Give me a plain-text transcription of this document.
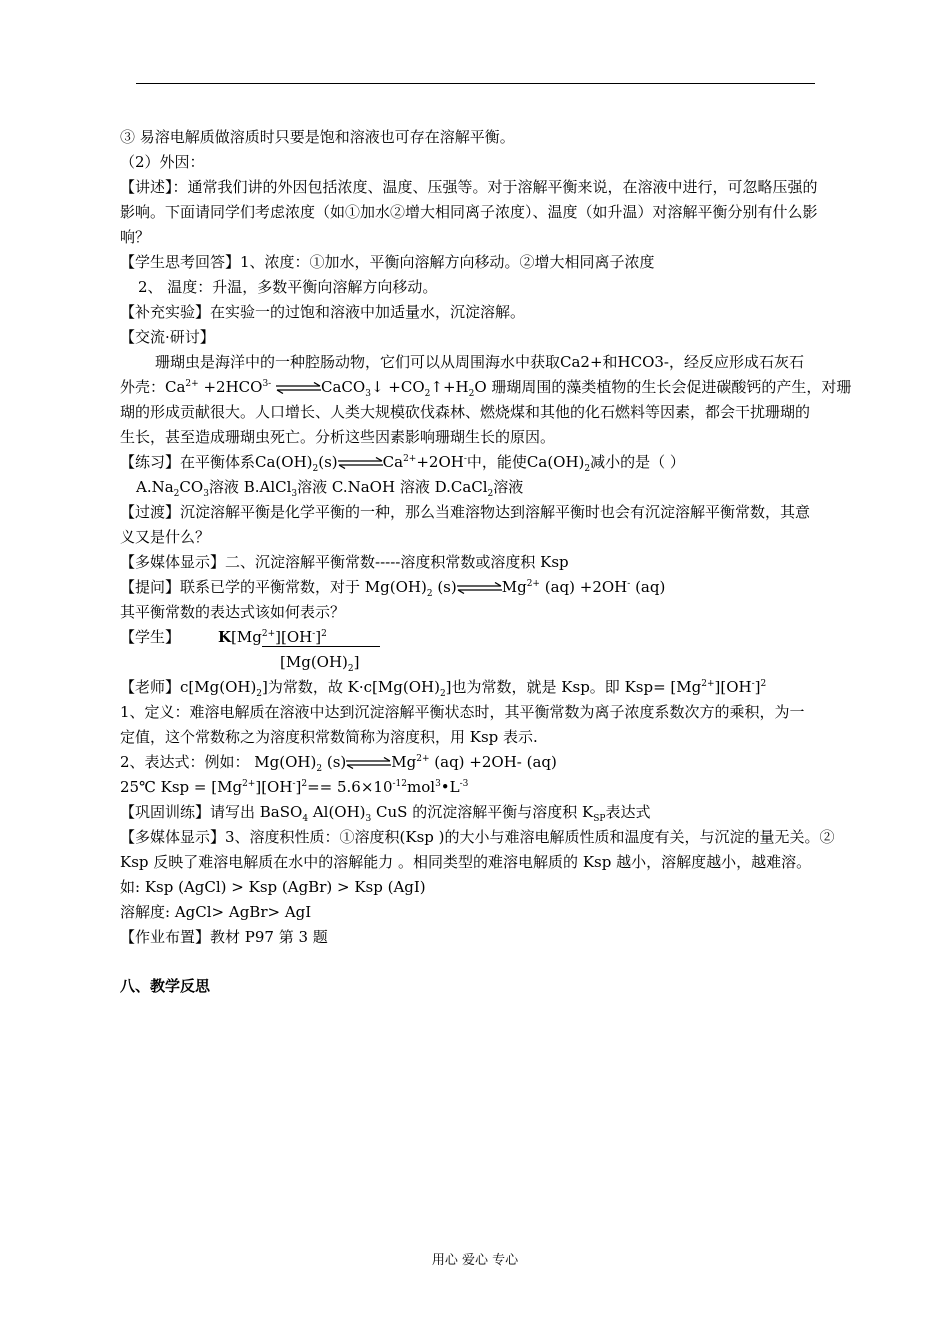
③ 易溶电解质做溶质时只要是饱和溶液也可存在溶解平衡。
（2）外因：
【讲述】：通常我们讲的外因包括浓度、温度、压强等。对于溶解平衡来说，在溶液中进行，可忽略压强的
影响。下面请同学们考虑浓度（如①加水②增大相同离子浓度）、温度（如升温）对溶解平衡分别有什么影
响？
【学生思考回答】1、浓度：①加水，平衡向溶解方向移动。②增大相同离子浓度
2、 温度：升温，多数平衡向溶解方向移动。
【补充实验】在实验一的过饱和溶液中加适量水，沉淀溶解。
【交流·研讨】
珊瑚虫是海洋中的一种腔肠动物，它们可以从周围海水中获取Ca2+和HCO3-，经反应形成石灰石
外壳：$Ca^{2+} +2HCO^{3-}$ ⇌CaCO$_3$↓ $+CO_2↑+H_2O$ 珊瑚周围的藻类植物的生长会促进碳酸钙的产生，对珊
瑚的形成贡献很大。人口增长、人类大规模砍伐森林、燃烧煤和其他的化石燃料等因素，都会干扰珊瑚的
生长，甚至造成珊瑚虫死亡。分析这些因素影响珊瑚生长的原因。
【练习】在平衡体系$Ca(OH)_2(s)\rightleftharpoons Ca^{2+}+2OH^-$中，能使$Ca(OH)_2$减小的是（ ）
$A.Na_2CO_3$溶液 B.AlCl$_3$溶液 C.NaOH 溶液 D.CaCl$_2$溶液
【过渡】沉淀溶解平衡是化学平衡的一种，那么当难溶物达到溶解平衡时也会有沉淀溶解平衡常数，其意
义又是什么？
【多媒体显示】二、沉淀溶解平衡常数-----溶度积常数或溶度积 Ksp
【提问】联系已学的平衡常数，对于 $Mg(OH)_2$ $(s)\rightleftharpoons Mg^{2+}$ (aq) +2OH- (aq)
其平衡常数的表达式该如何表示？
【学生】	$K[Mg^{2+}][OH^-]^2$
$[Mg(OH)_2]$
【老师】$c[Mg(OH)_2]$为常数，故 $K\cdot c[Mg(OH)_2]$也为常数，就是 Ksp。即 $Ksp= [Mg^{2+}][OH^-]^2$
1、定义：难溶电解质在溶液中达到沉淀溶解平衡状态时，其平衡常数为离子浓度系数次方的乘积，为一
定值，这个常数称之为溶度积常数简称为溶度积，用 Ksp 表示.
2、表达式：例如： $Mg(OH)_2$ $(s)\rightleftharpoons Mg^{2+}$ (aq) +2OH- (aq)
25℃ Ksp = $[Mg^{2+}][OH^-]^2==$ $5.6\times 10^{-12}mol^3•L^{-3}$
【巩固训练】请写出 BaSO$_4$ $Al(OH)_3$ CuS 的沉淀溶解平衡与溶度积 $K_{SP}$表达式
【多媒体显示】3、溶度积性质：①溶度积(Ksp )的大小与难溶电解质性质和温度有关，与沉淀的量无关。②
Ksp 反映了难溶电解质在水中的溶解能力 。相同类型的难溶电解质的 Ksp 越小，溶解度越小，越难溶。
如: Ksp (AgCl) > Ksp (AgBr) > Ksp (AgI)
溶解度: AgCl> AgBr> AgI
【作业布置】教材 P97 第 3 题
八、教学反思
用心 爱心 专心
